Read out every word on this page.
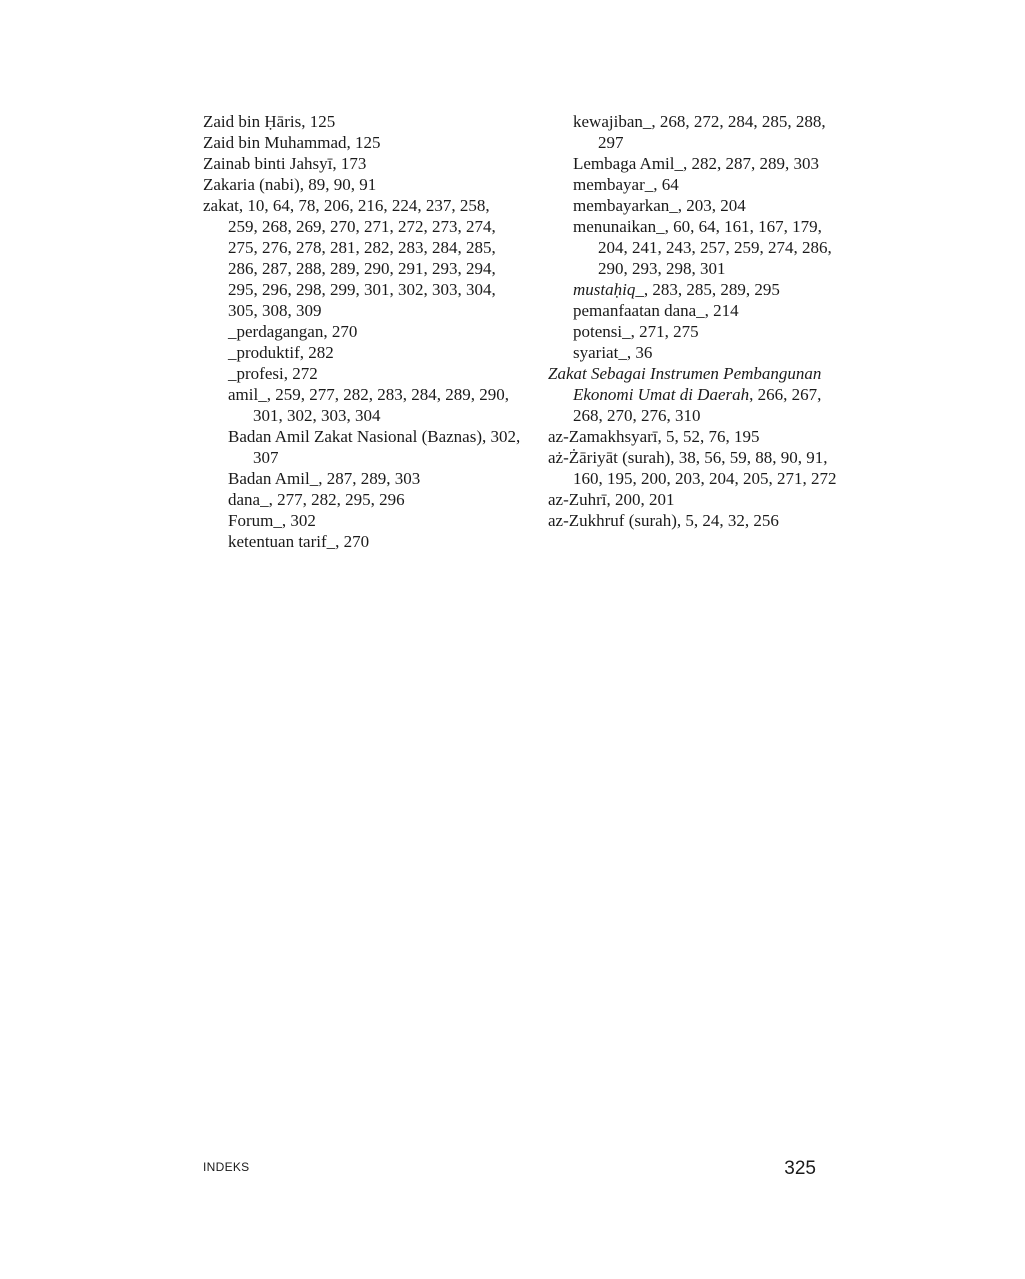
Zaid bin Ḥāris, 125
Zaid bin Muhammad, 125
Zainab binti Jahsyī, 173
Zakaria (nabi), 89, 90, 91
zakat, 10, 64, 78, 206, 216, 224, 237, 258, 259, 268, 269, 270, 271, 272, 273, 274, 275, 276, 278, 281, 282, 283, 284, 285, 286, 287, 288, 289, 290, 291, 293, 294, 295, 296, 298, 299, 301, 302, 303, 304, 305, 308, 309
_perdagangan, 270
_produktif, 282
_profesi, 272
amil_, 259, 277, 282, 283, 284, 289, 290, 301, 302, 303, 304
Badan Amil Zakat Nasional (Baznas), 302, 307
Badan Amil_, 287, 289, 303
dana_, 277, 282, 295, 296
Forum_, 302
ketentuan tarif_, 270
kewajiban_, 268, 272, 284, 285, 288, 297
Lembaga Amil_, 282, 287, 289, 303
membayar_, 64
membayarkan_, 203, 204
menunaikan_, 60, 64, 161, 167, 179, 204, 241, 243, 257, 259, 274, 286, 290, 293, 298, 301
mustaḥiq_, 283, 285, 289, 295
pemanfaatan dana_, 214
potensi_, 271, 275
syariat_, 36
Zakat Sebagai Instrumen Pembangunan Ekonomi Umat di Daerah, 266, 267, 268, 270, 276, 310
az-Zamakhsyarī, 5, 52, 76, 195
aż-Żāriyāt (surah), 38, 56, 59, 88, 90, 91, 160, 195, 200, 203, 204, 205, 271, 272
az-Zuhrī, 200, 201
az-Zukhruf (surah), 5, 24, 32, 256
INDEKS	325
